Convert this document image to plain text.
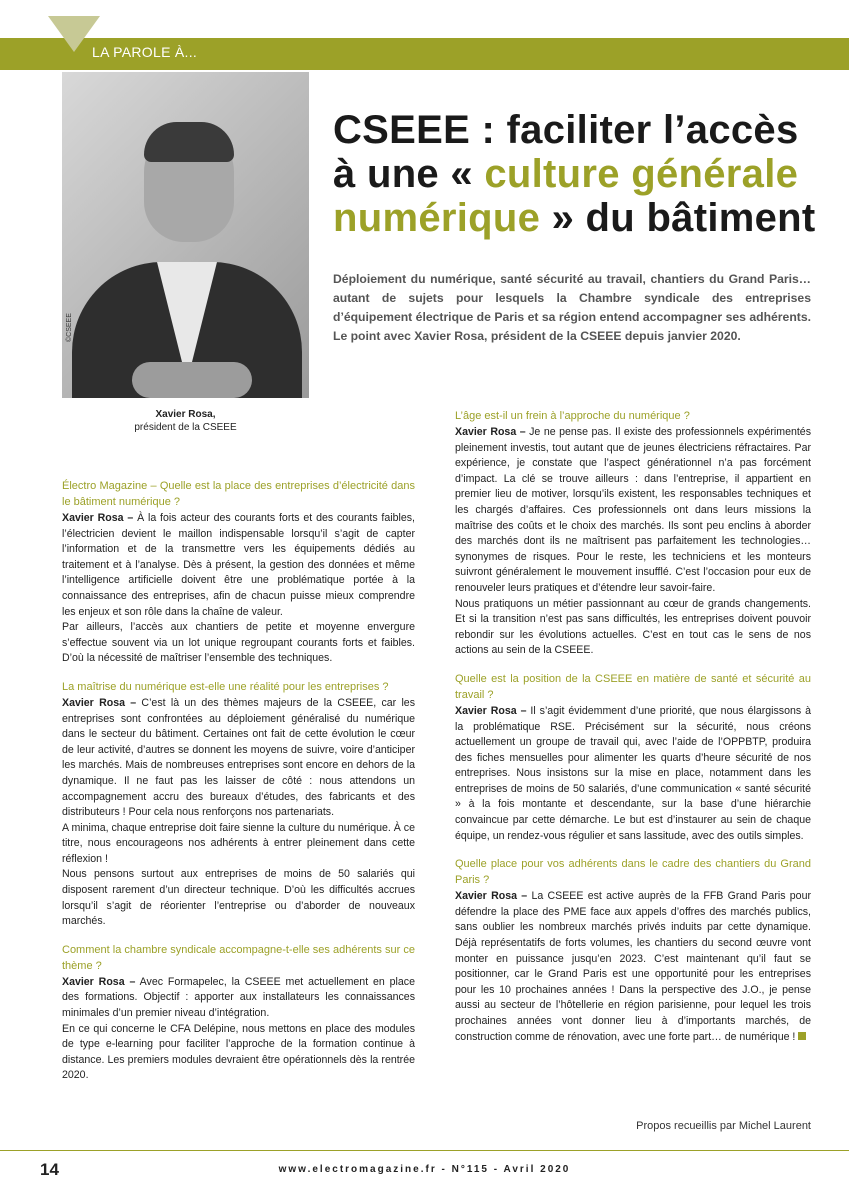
LA PAROLE À...
©CSEEE
Xavier Rosa,
président de la CSEEE
CSEEE : faciliter l’accès
à une « culture générale
numérique » du bâtiment
Déploiement du numérique, santé sécurité au travail, chantiers du Grand Paris… autant de sujets pour lesquels la Chambre syndicale des entreprises d’équipement électrique de Paris et sa région entend accompagner ses adhérents. Le point avec Xavier Rosa, président de la CSEEE depuis janvier 2020.
Électro Magazine – Quelle est la place des entreprises d’électricité dans le bâtiment numérique ?
Xavier Rosa – À la fois acteur des courants forts et des courants faibles, l’électricien devient le maillon indispensable lorsqu’il s’agit de capter l’information et de la transmettre vers les équipements dédiés au traitement et à l’analyse. Dès à présent, la gestion des données et même l’intelligence artificielle doivent être une problématique portée à la connaissance des entreprises, afin de chacun puisse mieux comprendre les enjeux et son rôle dans la chaîne de valeur.
Par ailleurs, l’accès aux chantiers de petite et moyenne envergure s’effectue souvent via un lot unique regroupant courants forts et faibles. D’où la nécessité de maîtriser l’ensemble des techniques.
La maîtrise du numérique est-elle une réalité pour les entreprises ?
Xavier Rosa – C’est là un des thèmes majeurs de la CSEEE, car les entreprises sont confrontées au déploiement généralisé du numérique dans le secteur du bâtiment. Certaines ont fait de cette évolution le cœur de leur activité, d’autres se donnent les moyens de suivre, voire d’anticiper les marchés. Mais de nombreuses entreprises sont encore en dehors de la dynamique. Il ne faut pas les laisser de côté : nous attendons un accompagnement accru des bureaux d’études, des fabricants et des distributeurs ! Pour cela nous renforçons nos partenariats.
A minima, chaque entreprise doit faire sienne la culture du numérique. À ce titre, nous encourageons nos adhérents à entrer pleinement dans cette réflexion !
Nous pensons surtout aux entreprises de moins de 50 salariés qui disposent rarement d’un directeur technique. D’où les difficultés accrues lorsqu’il s’agit de réorienter l’entreprise ou d’aborder de nouveaux marchés.
Comment la chambre syndicale accompagne-t-elle ses adhérents sur ce thème ?
Xavier Rosa – Avec Formapelec, la CSEEE met actuellement en place des formations. Objectif : apporter aux installateurs les connaissances minimales d’un premier niveau d’intégration.
En ce qui concerne le CFA Delépine, nous mettons en place des modules de type e-learning pour faciliter l’approche de la formation continue à distance. Les premiers modules devraient être opérationnels dès la rentrée 2020.
L’âge est-il un frein à l’approche du numérique ?
Xavier Rosa – Je ne pense pas. Il existe des professionnels expérimentés pleinement investis, tout autant que de jeunes électriciens réfractaires. Par expérience, je constate que l’aspect générationnel n’a pas forcément d’impact. La clé se trouve ailleurs : dans l’entreprise, il appartient en premier lieu de motiver, lorsqu’ils existent, les responsables techniques et les chargés d’affaires. Ces professionnels ont dans leurs missions la maîtrise des coûts et le choix des marchés. Ils sont peu enclins à aborder des marchés dont ils ne maîtrisent pas parfaitement les technologies… synonymes de risques. Pour le reste, les techniciens et les monteurs suivront généralement le mouvement insufflé. C’est l’occasion pour eux de renouveler leurs pratiques et d’étendre leur savoir-faire.
Nous pratiquons un métier passionnant au cœur de grands changements. Et si la transition n’est pas sans difficultés, les entreprises doivent pouvoir rebondir sur les évolutions actuelles. C’est en tout cas le sens de nos actions au sein de la CSEEE.
Quelle est la position de la CSEEE en matière de santé et sécurité au travail ?
Xavier Rosa – Il s’agit évidemment d’une priorité, que nous élargissons à la problématique RSE. Précisément sur la sécurité, nous créons actuellement un groupe de travail qui, avec l’aide de l’OPPBTP, produira des fiches mensuelles pour alimenter les quarts d’heure sécurité de nos entreprises. Nous insistons sur la mise en place, notamment dans les entreprises de moins de 50 salariés, d’une communication « santé sécurité » à la fois montante et descendante, sur la base d’une hiérarchie convaincue par cette démarche. Le but est d’instaurer au sein de chaque équipe, un rendez-vous régulier et sans lassitude, avec des outils simples.
Quelle place pour vos adhérents dans le cadre des chantiers du Grand Paris ?
Xavier Rosa – La CSEEE est active auprès de la FFB Grand Paris pour défendre la place des PME face aux appels d’offres des marchés publics, sans oublier les nombreux marchés privés induits par cette dynamique. Déjà représentatifs de forts volumes, les chantiers du second œuvre vont monter en puissance jusqu’en 2023. C’est maintenant qu’il faut se positionner, car le Grand Paris est une opportunité pour les entreprises pour les 10 prochaines années ! Dans la perspective des J.O., je pense aussi au secteur de l’hôtellerie en région parisienne, pour lequel les trois prochaines années vont donner lieu à d’importants marchés, de construction comme de rénovation, avec une forte part… de numérique !
Propos recueillis par Michel Laurent
14	www.electromagazine.fr - N°115 - Avril 2020
